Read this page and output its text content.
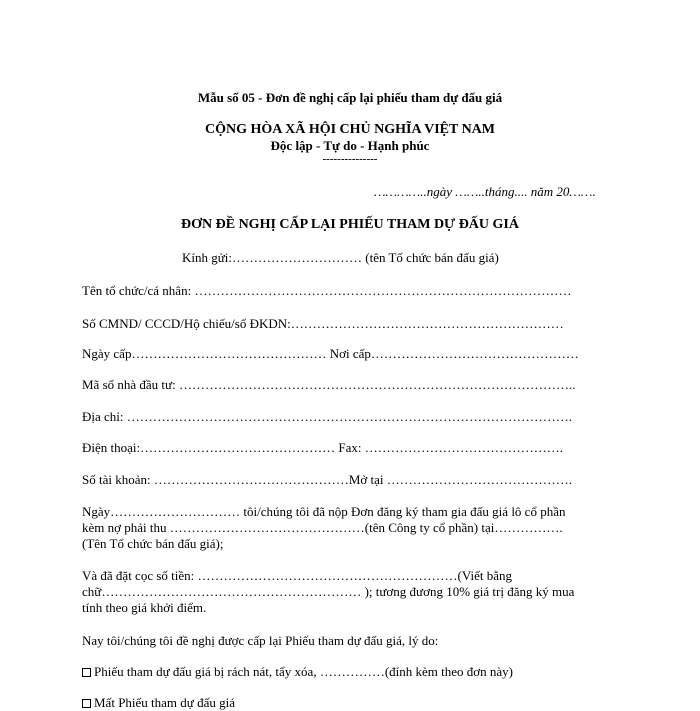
Mẫu số 05 - Đơn đề nghị cấp lại phiếu tham dự đấu giá
CỘNG HÒA XÃ HỘI CHỦ NGHĨA VIỆT NAM
Độc lập - Tự do - Hạnh phúc
---------------
…………..ngày ……..tháng.... năm 20…….
ĐƠN ĐỀ NGHỊ CẤP LẠI PHIẾU THAM DỰ ĐẤU GIÁ
Kính gửi:………………………… (tên Tổ chức bán đấu giá)
Tên tổ chức/cá nhân: ……………………………………………………………………………
Số CMND/ CCCD/Hộ chiếu/số ĐKDN:………………………………………………………
Ngày cấp……………………………………… Nơi cấp…………………………………………
Mã số nhà đầu tư: ………………………………………………………………………………..
Địa chỉ: ………………………………………………………………………………………….
Điện thoại:……………………………………… Fax: ……………………………………….
Số tài khoản: ………………………………………Mở tại …………………………………….
Ngày………………………… tôi/chúng tôi đã nộp Đơn đăng ký tham gia đấu giá lô cổ phần
kèm nợ phải thu ………………………………………(tên Công ty cổ phần) tại…………….
(Tên Tổ chức bán đấu giá);
Và đã đặt cọc số tiền: ……………………………………………………(Viết bằng
chữ…………………………………………………… ); tương đương 10% giá trị đăng ký mua
tính theo giá khởi điểm.
Nay tôi/chúng tôi đề nghị được cấp lại Phiếu tham dự đấu giá, lý do:
Phiếu tham dự đấu giá bị rách nát, tẩy xóa, ……………(đính kèm theo đơn này)
Mất Phiếu tham dự đấu giá
